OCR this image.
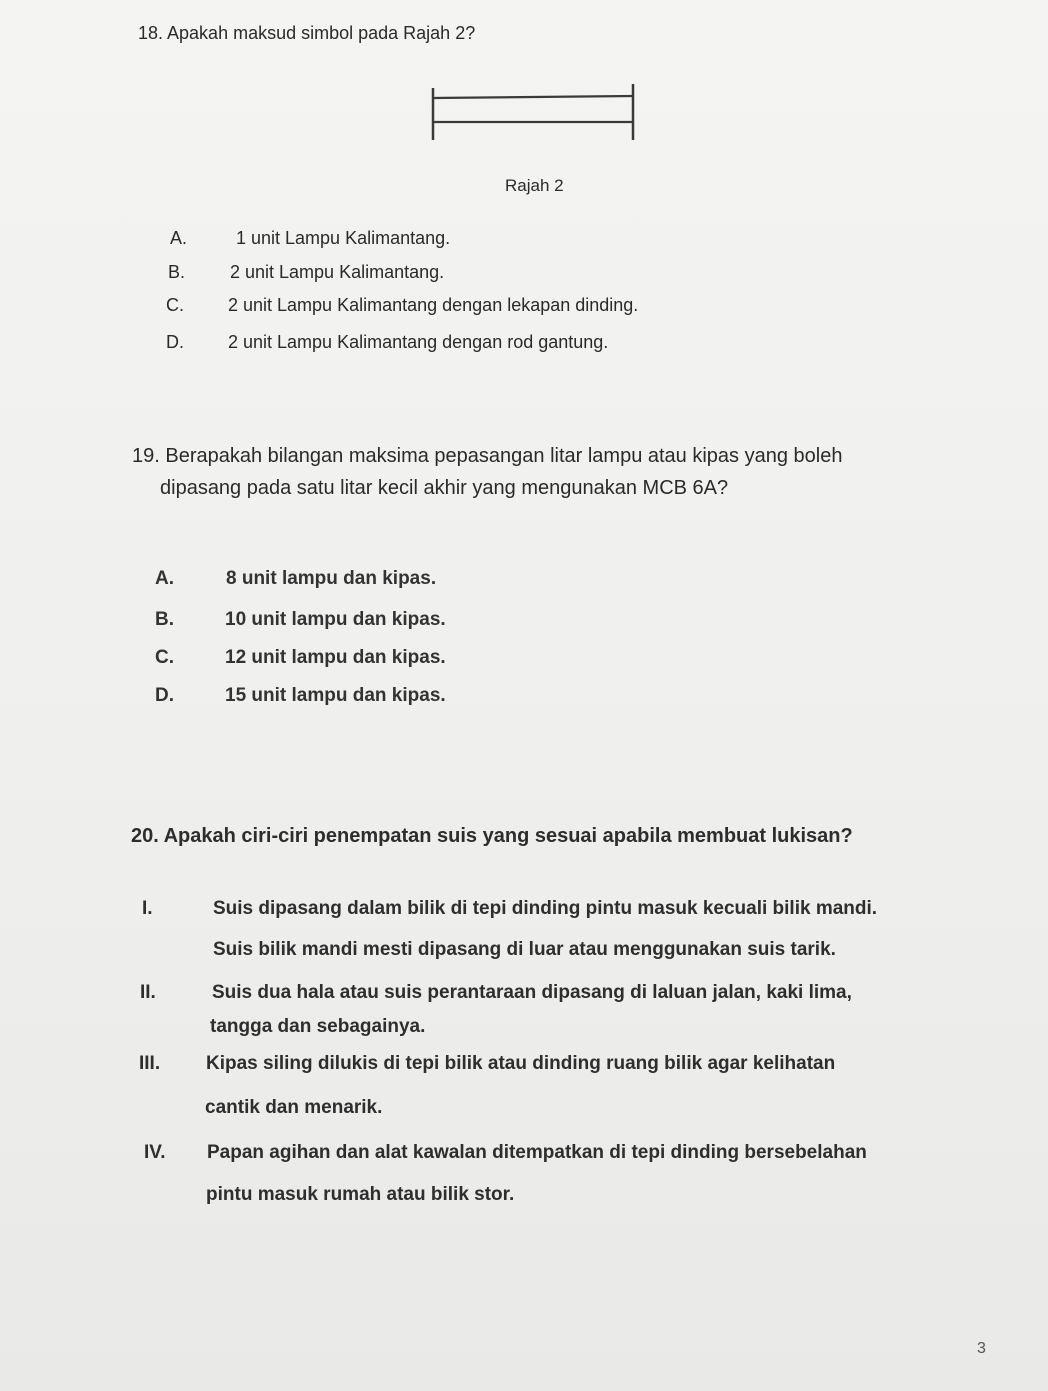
18. Apakah maksud simbol pada Rajah 2?
Rajah 2
A.	1 unit Lampu Kalimantang.
B. 2 unit Lampu Kalimantang.
C. 2 unit Lampu Kalimantang dengan lekapan dinding.
D. 2 unit Lampu Kalimantang dengan rod gantung.
19. Berapakah bilangan maksima pepasangan litar lampu atau kipas yang boleh
dipasang pada satu litar kecil akhir yang mengunakan MCB 6A?
A.	8 unit lampu dan kipas.
B.	10 unit lampu dan kipas.
C.	12 unit lampu dan kipas.
D.	15 unit lampu dan kipas.
20. Apakah ciri-ciri penempatan suis yang sesuai apabila membuat lukisan?
I.	Suis dipasang dalam bilik di tepi dinding pintu masuk kecuali bilik mandi.
Suis bilik mandi mesti dipasang di luar atau menggunakan suis tarik.
II.	Suis dua hala atau suis perantaraan dipasang di laluan jalan, kaki lima,
tangga dan sebagainya.
III. Kipas siling dilukis di tepi bilik atau dinding ruang bilik agar kelihatan
cantik dan menarik.
IV. Papan agihan dan alat kawalan ditempatkan di tepi dinding bersebelahan
pintu masuk rumah atau bilik stor.
3
